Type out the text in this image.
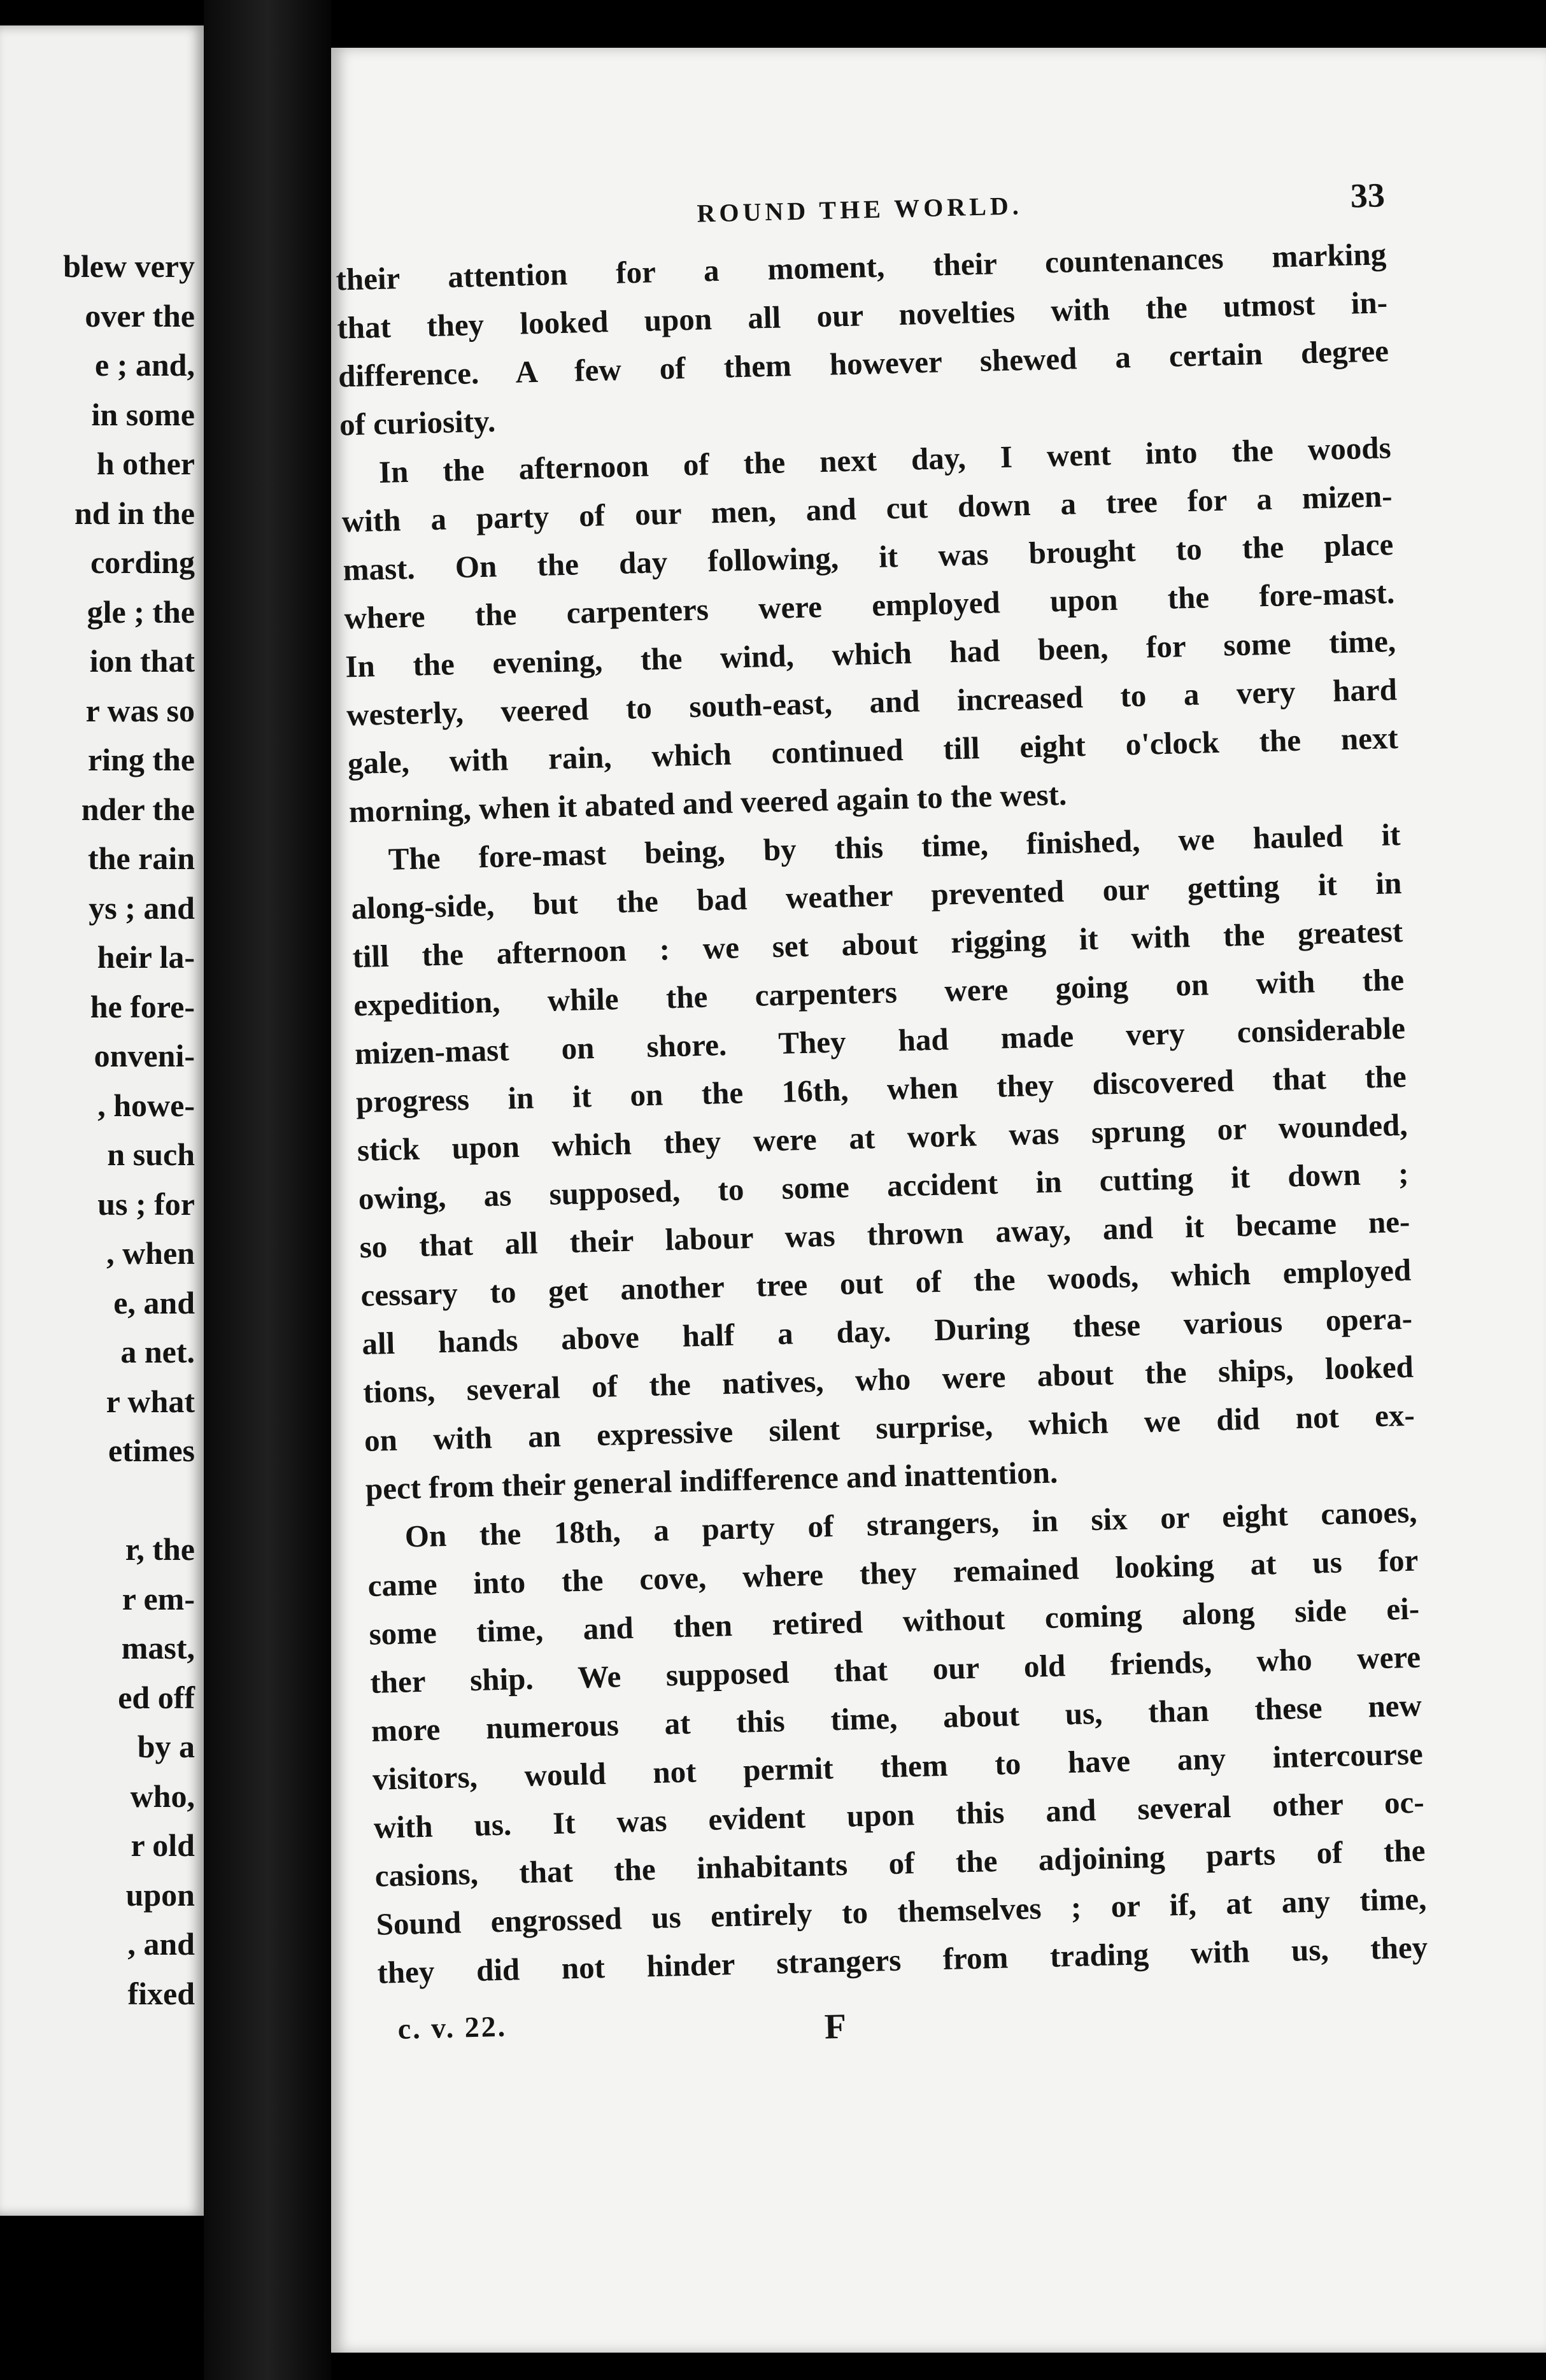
blew very
over the
e ; and,
in some
h other
nd in the
cording
gle ; the
ion that
r was so
ring the
nder the
the rain
ys ; and
heir la-
he fore-
onveni-
, howe-
n such
us ; for
, when
e, and
a net.
r what
etimes

r, the
r em-
mast,
ed off
by a
who,
r old
upon
, and
fixed
ROUND THE WORLD.	33
their attention for a moment, their countenances marking
that they looked upon all our novelties with the utmost in-
difference. A few of them however shewed a certain degree
of curiosity.
In the afternoon of the next day, I went into the woods
with a party of our men, and cut down a tree for a mizen-
mast. On the day following, it was brought to the place
where the carpenters were employed upon the fore-mast.
In the evening, the wind, which had been, for some time,
westerly, veered to south-east, and increased to a very hard
gale, with rain, which continued till eight o'clock the next
morning, when it abated and veered again to the west.
The fore-mast being, by this time, finished, we hauled it
along-side, but the bad weather prevented our getting it in
till the afternoon : we set about rigging it with the greatest
expedition, while the carpenters were going on with the
mizen-mast on shore. They had made very considerable
progress in it on the 16th, when they discovered that the
stick upon which they were at work was sprung or wounded,
owing, as supposed, to some accident in cutting it down ;
so that all their labour was thrown away, and it became ne-
cessary to get another tree out of the woods, which employed
all hands above half a day. During these various opera-
tions, several of the natives, who were about the ships, looked
on with an expressive silent surprise, which we did not ex-
pect from their general indifference and inattention.
On the 18th, a party of strangers, in six or eight canoes,
came into the cove, where they remained looking at us for
some time, and then retired without coming along side ei-
ther ship. We supposed that our old friends, who were
more numerous at this time, about us, than these new
visitors, would not permit them to have any intercourse
with us. It was evident upon this and several other oc-
casions, that the inhabitants of the adjoining parts of the
Sound engrossed us entirely to themselves ; or if, at any time,
they did not hinder strangers from trading with us, they
c. v. 22.	F
